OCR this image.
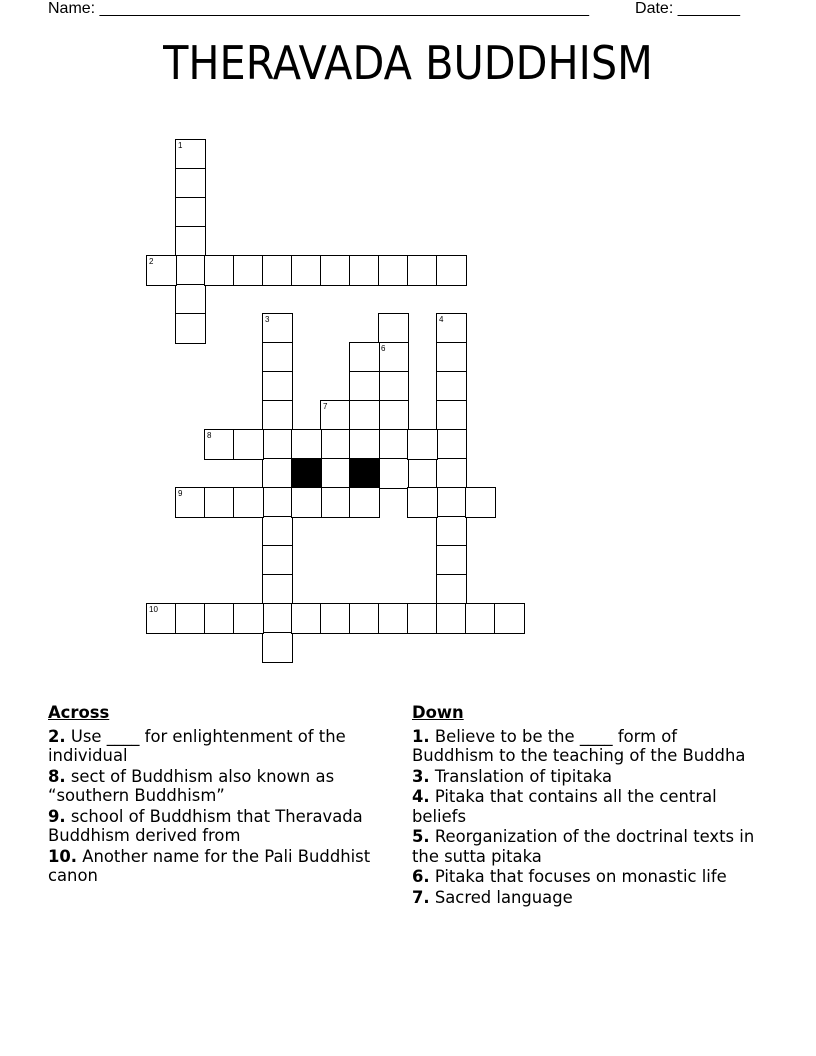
Name: _______________________________________________________	Date: _______
THERAVADA BUDDHISM
1
2
3
6
4
7
8
9
10
Across
2. Use ____ for enlightenment of the individual
8. sect of Buddhism also known as “southern Buddhism”
9. school of Buddhism that Theravada Buddhism derived from
10. Another name for the Pali Buddhist canon
Down
1. Believe to be the ____ form of Buddhism to the teaching of the Buddha
3. Translation of tipitaka
4. Pitaka that contains all the central beliefs
5. Reorganization of the doctrinal texts in the sutta pitaka
6. Pitaka that focuses on monastic life
7. Sacred language
